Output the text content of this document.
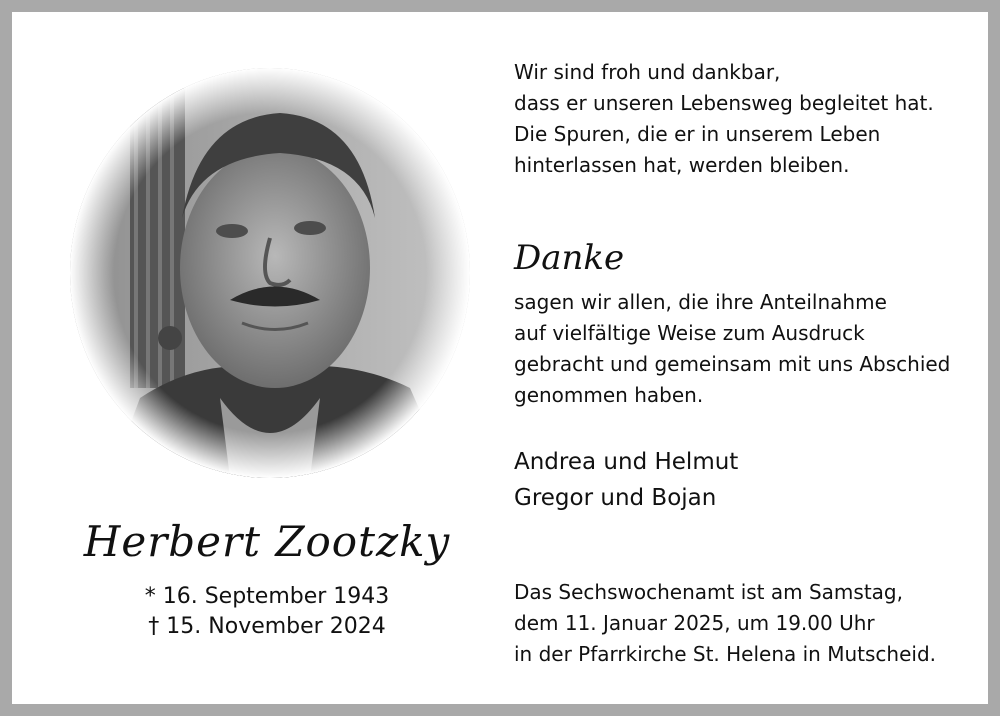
Herbert Zootzky
* 16. September 1943
† 15. November 2024
Wir sind froh und dankbar,
dass er unseren Lebensweg begleitet hat.
Die Spuren, die er in unserem Leben
hinterlassen hat, werden bleiben.
Danke
sagen wir allen, die ihre Anteilnahme
auf vielfältige Weise zum Ausdruck
gebracht und gemeinsam mit uns Abschied
genommen haben.
Andrea und Helmut
Gregor und Bojan
Das Sechswochenamt ist am Samstag,
dem 11. Januar 2025, um 19.00 Uhr
in der Pfarrkirche St. Helena in Mutscheid.
